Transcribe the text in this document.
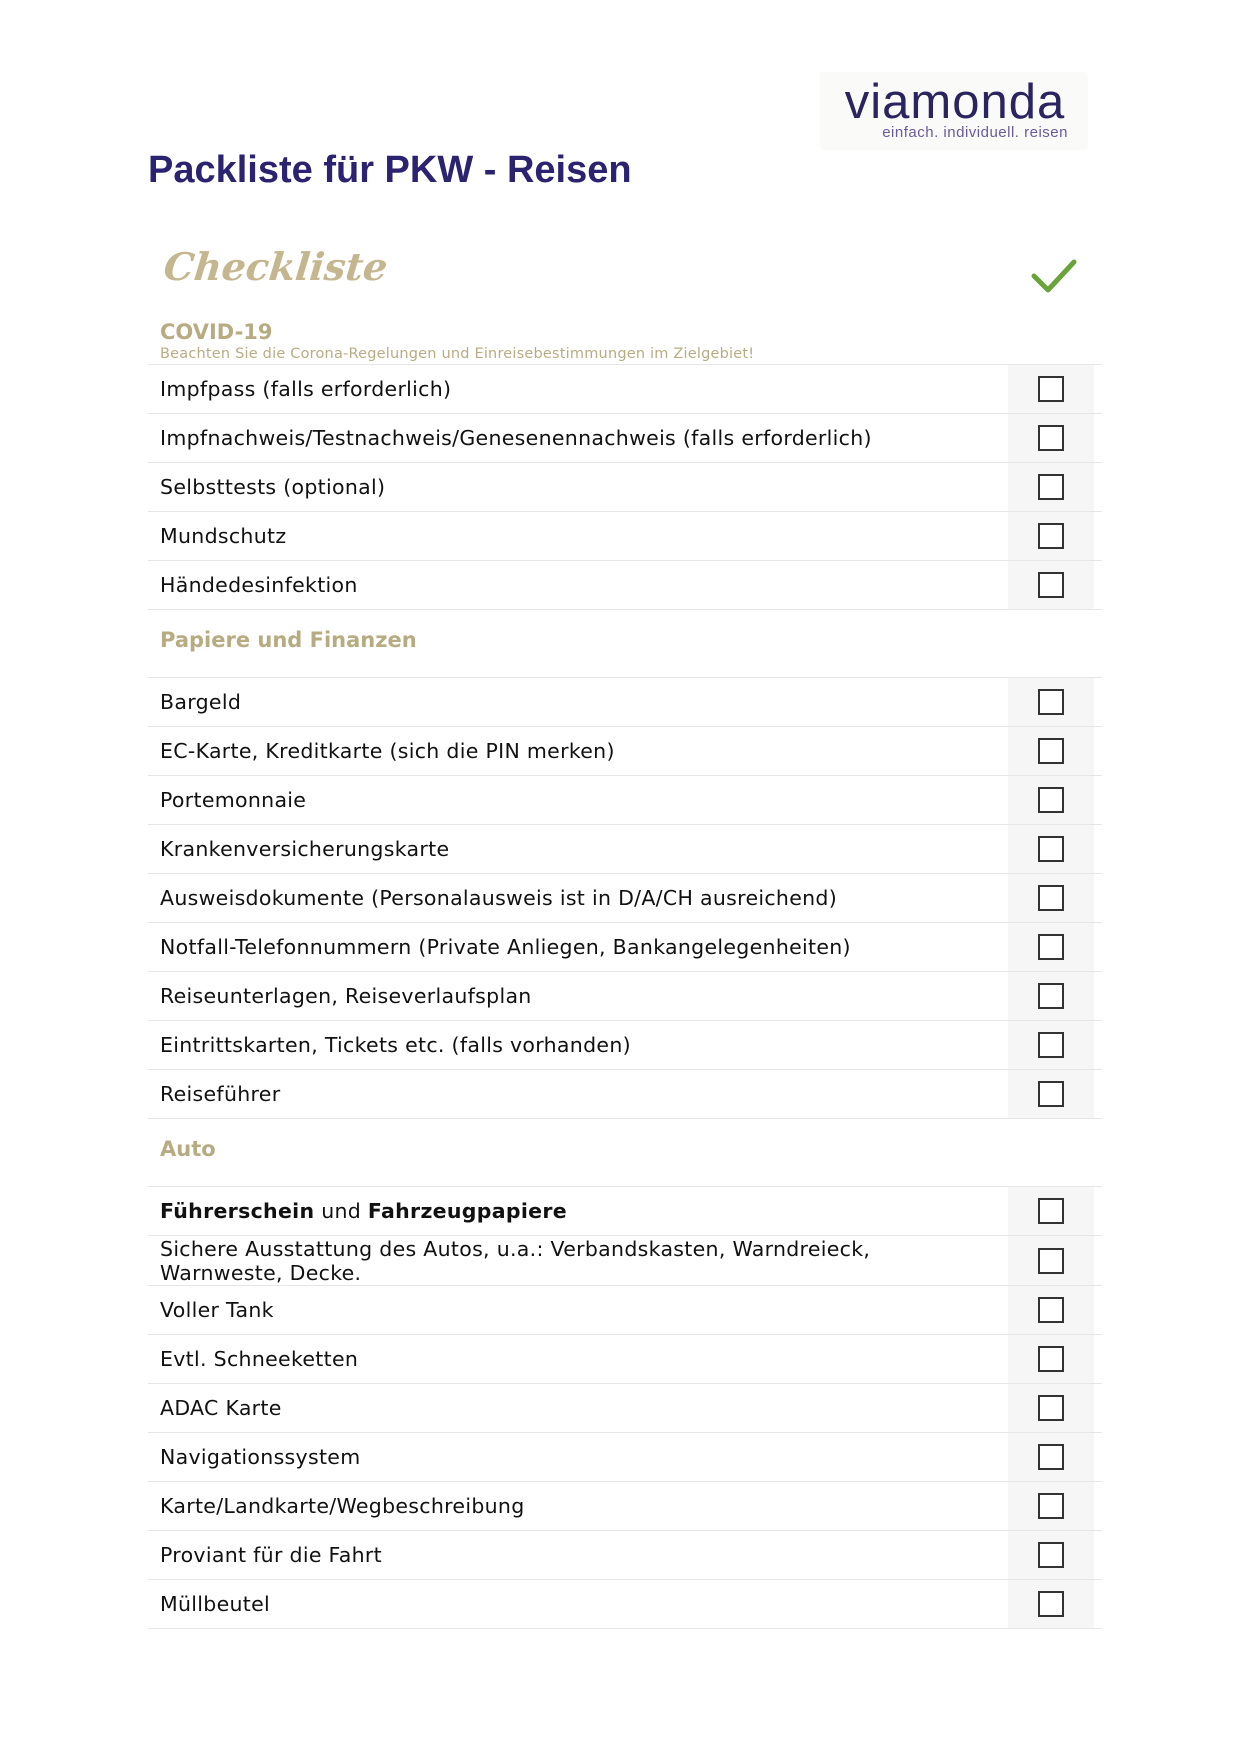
viamonda
einfach. individuell. reisen
Packliste für PKW - Reisen
Checkliste
COVID-19
Beachten Sie die Corona-Regelungen und Einreisebestimmungen im Zielgebiet!
Impfpass (falls erforderlich)
Impfnachweis/Testnachweis/Genesenennachweis (falls erforderlich)
Selbsttests (optional)
Mundschutz
Händedesinfektion
Papiere und Finanzen
Bargeld
EC-Karte, Kreditkarte (sich die PIN merken)
Portemonnaie
Krankenversicherungskarte
Ausweisdokumente (Personalausweis ist in D/A/CH ausreichend)
Notfall-Telefonnummern (Private Anliegen, Bankangelegenheiten)
Reiseunterlagen, Reiseverlaufsplan
Eintrittskarten, Tickets etc. (falls vorhanden)
Reiseführer
Auto
Führerschein und Fahrzeugpapiere
Sichere Ausstattung des Autos, u.a.: Verbandskasten, Warndreieck,
Warnweste, Decke.
Voller Tank
Evtl. Schneeketten
ADAC Karte
Navigationssystem
Karte/Landkarte/Wegbeschreibung
Proviant für die Fahrt
Müllbeutel
